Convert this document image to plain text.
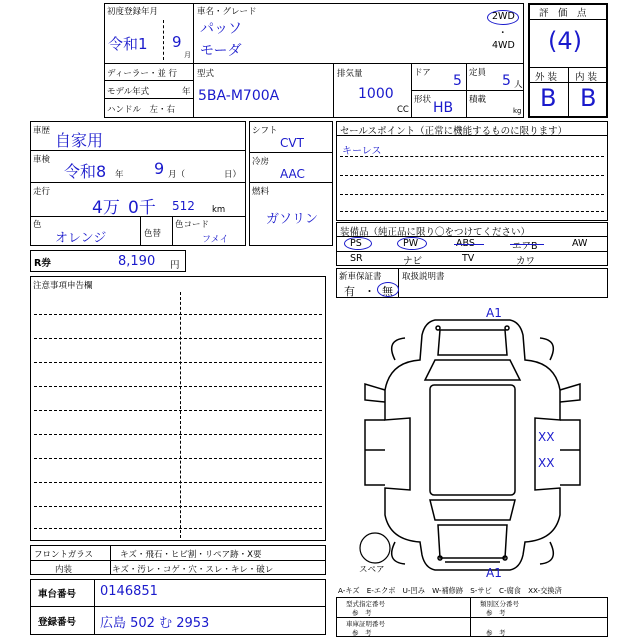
初度登録年月
令和1 9
月
ディーラー・並 行
モデル年式	年
ハンドル　左・右
車名・グレード
パッソ
モーダ
2WD
・
4WD
型式
5BA-M700A
排気量
1000
CC
ドア 5 定員 5 人
形状 HB 積載
kg
評　価　点
(4)
外 装 内 装
B B
車歴 自家用
車検
令和8 年 9 月（	日）
走行
4万 0千 512 km
色
オレンジ	色替
色コード
フメイ
シフト
CVT
冷房
AAC
燃料
ガソリン
セールスポイント（正常に機能するものに限ります）
キーレス
装備品（純正品に限り〇をつけてください）
PS	PW	ABS	エアB	AW
SR	ナビ	TV	カワ
新車保証書
有 ・ 無
取扱説明書
R券	8,190 円
注意事項申告欄
A1
XX
XX
A1
スペア
A-キズ　E-エクボ　U-凹み　W-補修跡　S-サビ　C-腐食　XX-交換済
フロントガラス	キズ・飛石・ヒビ割・リペア跡・X要
内装	キズ・汚レ・コゲ・穴・スレ・キレ・破レ
車台番号 0146851
登録番号 広島 502 む 2953
型式指定番号
参　考
類別区分番号
参　考
車庫証明番号
参　考	参　考
